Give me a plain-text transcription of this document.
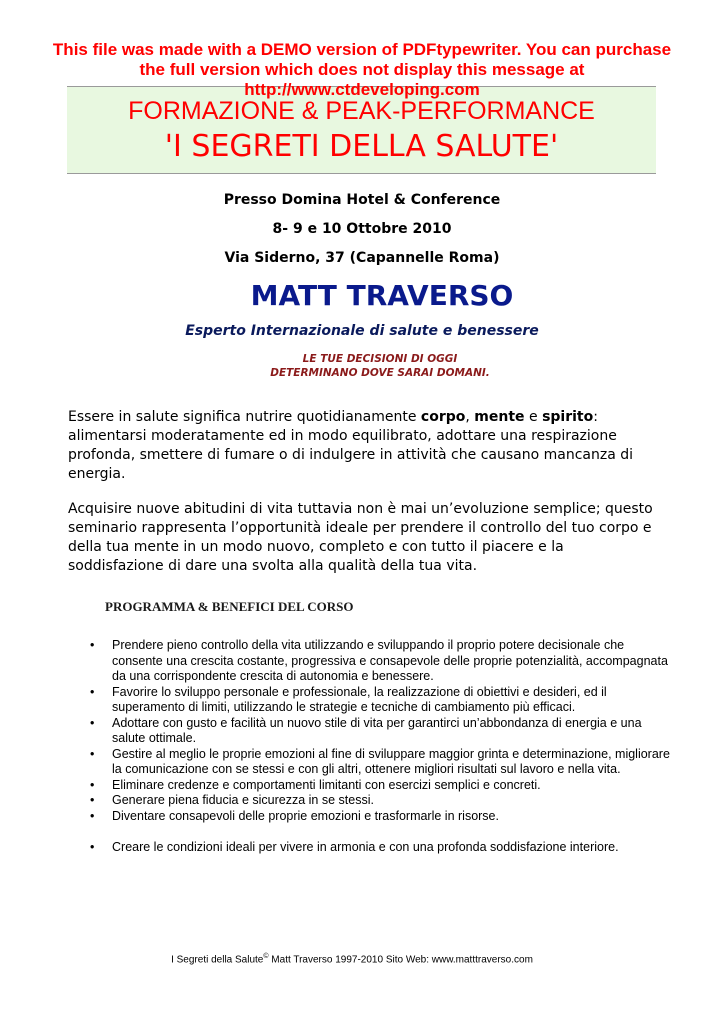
This file was made with a DEMO version of PDFtypewriter. You can purchase
the full version which does not display this message at
http://www.ctdeveloping.com
FORMAZIONE & PEAK-PERFORMANCE
'I SEGRETI DELLA SALUTE'
Presso Domina Hotel & Conference
8- 9 e 10 Ottobre 2010
Via Siderno, 37 (Capannelle Roma)
MATT TRAVERSO
Esperto Internazionale di salute e benessere
LE TUE DECISIONI DI OGGI
DETERMINANO DOVE SARAI DOMANI.
Essere in salute significa nutrire quotidianamente corpo, mente e spirito: alimentarsi moderatamente ed in modo equilibrato, adottare una respirazione profonda, smettere di fumare o di indulgere in attività che causano mancanza di energia.
Acquisire nuove abitudini di vita tuttavia non è mai un’evoluzione semplice; questo seminario rappresenta l’opportunità ideale per prendere il controllo del tuo corpo e della tua mente in un modo nuovo, completo e con tutto il piacere e la soddisfazione di dare una svolta alla qualità della tua vita.
PROGRAMMA & BENEFICI DEL CORSO
• Prendere pieno controllo della vita utilizzando e sviluppando il proprio potere decisionale che consente una crescita costante, progressiva e consapevole delle proprie potenzialità, accompagnata da una corrispondente crescita di autonomia e benessere.
• Favorire lo sviluppo personale e professionale, la realizzazione di obiettivi e desideri, ed il superamento di limiti, utilizzando le strategie e tecniche di cambiamento più efficaci.
• Adottare con gusto e facilità un nuovo stile di vita per garantirci un’abbondanza di energia e una salute ottimale.
• Gestire al meglio le proprie emozioni al fine di sviluppare maggior grinta e determinazione, migliorare la comunicazione con se stessi e con gli altri, ottenere migliori risultati sul lavoro e nella vita.
• Eliminare credenze e comportamenti limitanti con esercizi semplici e concreti.
• Generare piena fiducia e sicurezza in se stessi.
• Diventare consapevoli delle proprie emozioni e trasformarle in risorse.
• Creare le condizioni ideali per vivere in armonia e con una profonda soddisfazione interiore.
I Segreti della Salute© Matt Traverso 1997-2010 Sito Web: www.matttraverso.com
